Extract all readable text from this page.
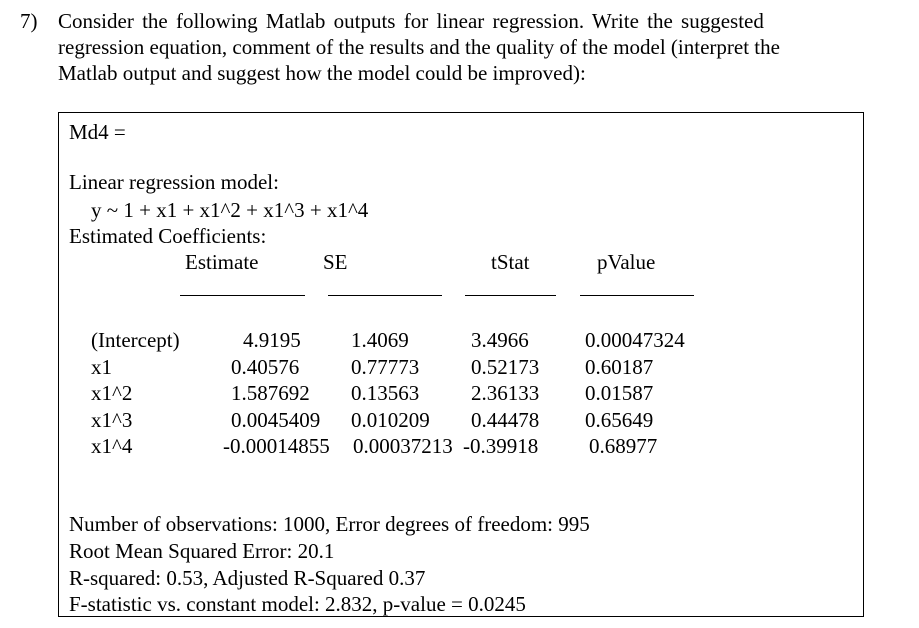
7) Consider the following Matlab outputs for linear regression. Write the suggested
regression equation, comment of the results and the quality of the model (interpret the
Matlab output and suggest how the model could be improved):
Md4 =
Linear regression model:
y ~ 1 + x1 + x1^2 + x1^3 + x1^4
Estimated Coefficients:
Estimate	SE	tStat	pValue
(Intercept)	4.9195 1.4069	3.4966	0.00047324
x1	0.40576 0.77773 0.52173 0.60187
x1^2	1.587692 0.13563 2.36133 0.01587
x1^3	0.0045409 0.010209 0.44478 0.65649
x1^4	-0.00014855 0.00037213 -0.39918 0.68977
Number of observations: 1000, Error degrees of freedom: 995
Root Mean Squared Error: 20.1
R-squared: 0.53, Adjusted R-Squared 0.37
F-statistic vs. constant model: 2.832, p-value = 0.0245
